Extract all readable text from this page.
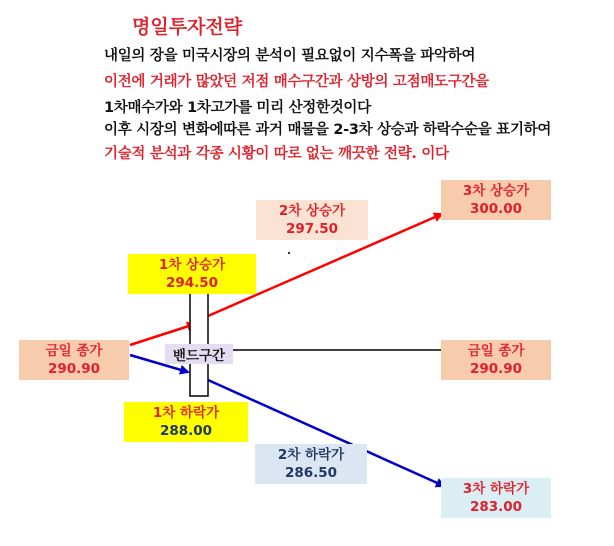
명일투자전략
내일의 장을 미국시장의 분석이 필요없이 지수폭을 파악하여
이전에 거래가 많았던 저점 매수구간과 상방의 고점매도구간을
1차매수가와 1차고가를 미리 산정한것이다
이후 시장의 변화에따른 과거 매물을 2-3차 상승과 하락수순을 표기하여
기술적 분석과 각종 시황이 따로 없는 깨끗한 전략. 이다
밴드구간
금일 종가
290.90
1차 상승가
294.50
2차 상승가
297.50
3차 상승가
300.00
금일 종가
290.90
1차 하락가
288.00
2차 하락가
286.50
3차 하락가
283.00
